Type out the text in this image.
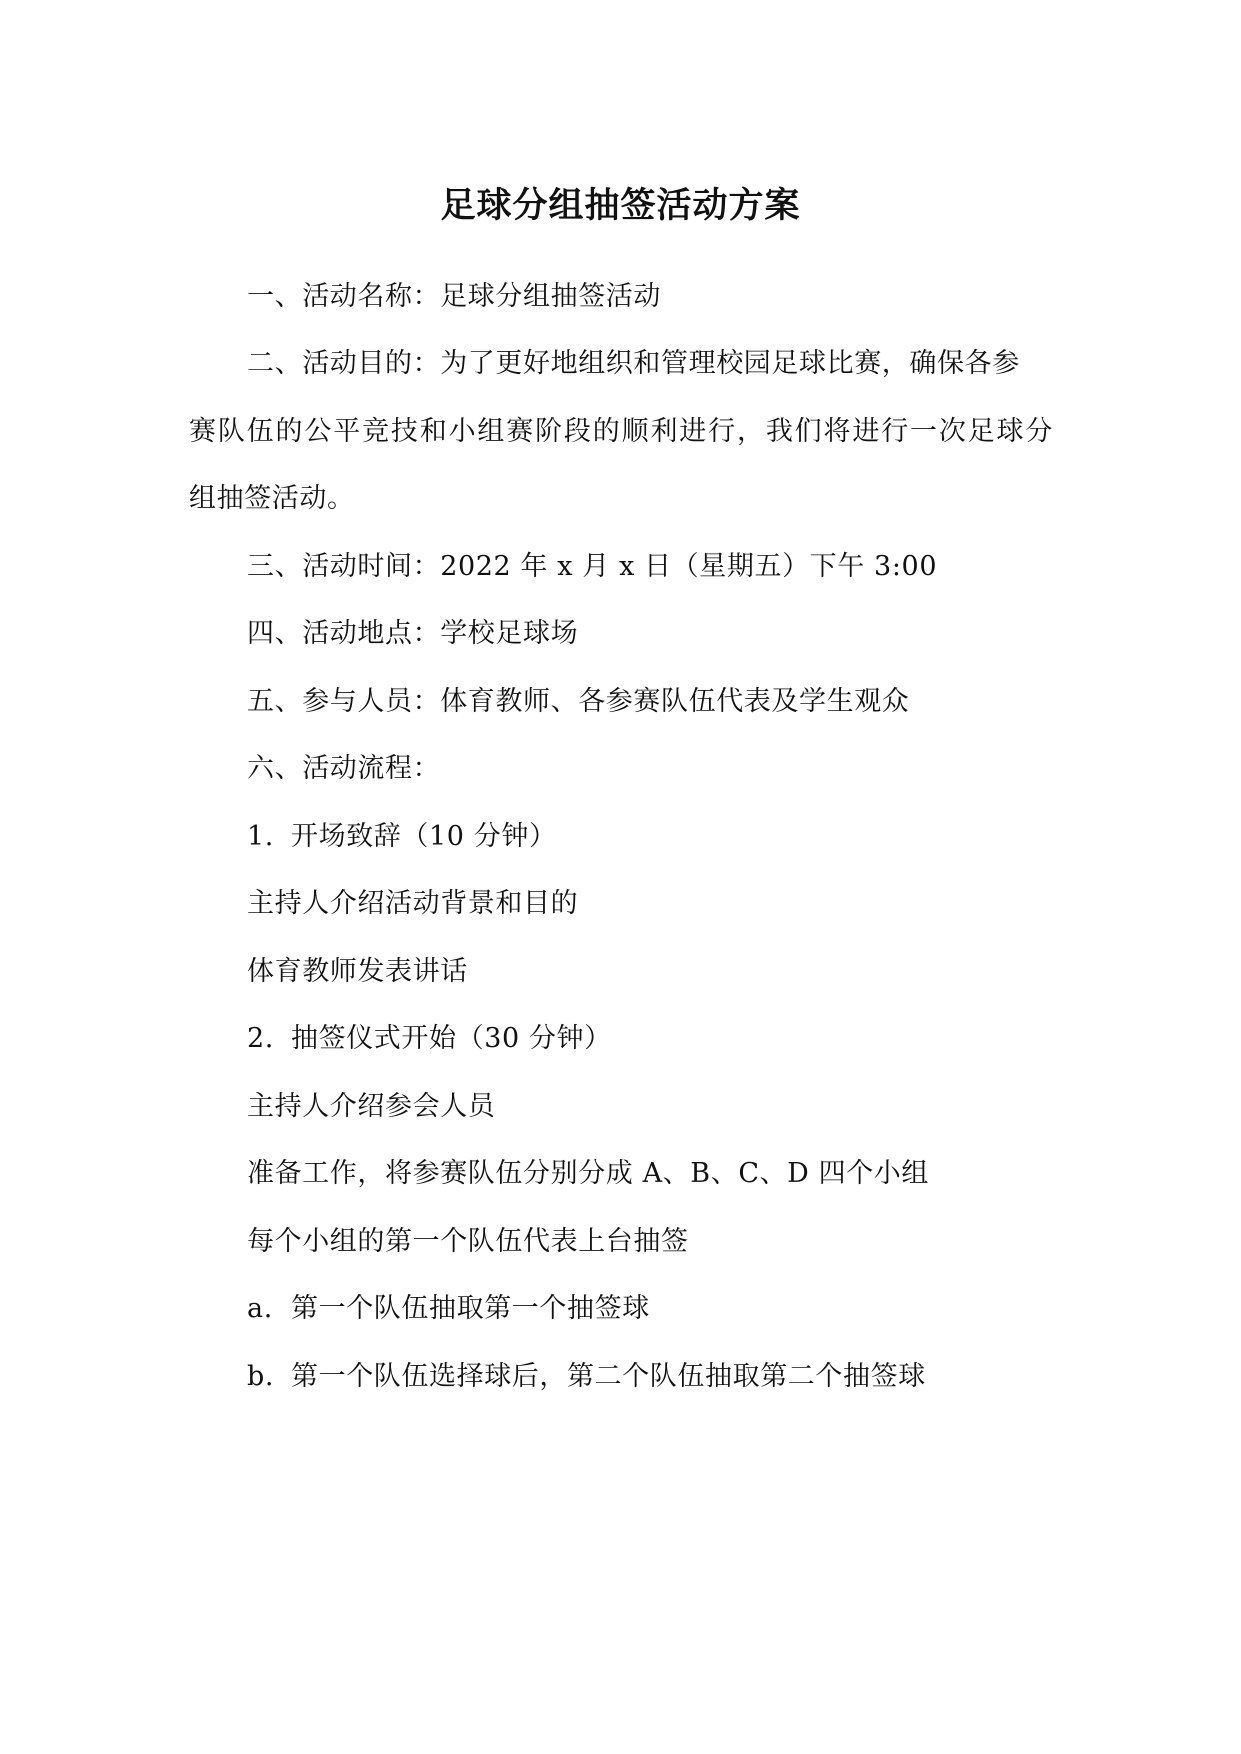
足球分组抽签活动方案
一、活动名称：足球分组抽签活动
二、活动目的：为了更好地组织和管理校园足球比赛，确保各参
赛队伍的公平竞技和小组赛阶段的顺利进行，我们将进行一次足球分
组抽签活动。
三、活动时间：2022 年 x 月 x 日（星期五）下午 3:00
四、活动地点：学校足球场
五、参与人员：体育教师、各参赛队伍代表及学生观众
六、活动流程：
1. 开场致辞（10 分钟）
主持人介绍活动背景和目的
体育教师发表讲话
2. 抽签仪式开始（30 分钟）
主持人介绍参会人员
准备工作，将参赛队伍分别分成 A、B、C、D 四个小组
每个小组的第一个队伍代表上台抽签
a. 第一个队伍抽取第一个抽签球
b. 第一个队伍选择球后，第二个队伍抽取第二个抽签球
